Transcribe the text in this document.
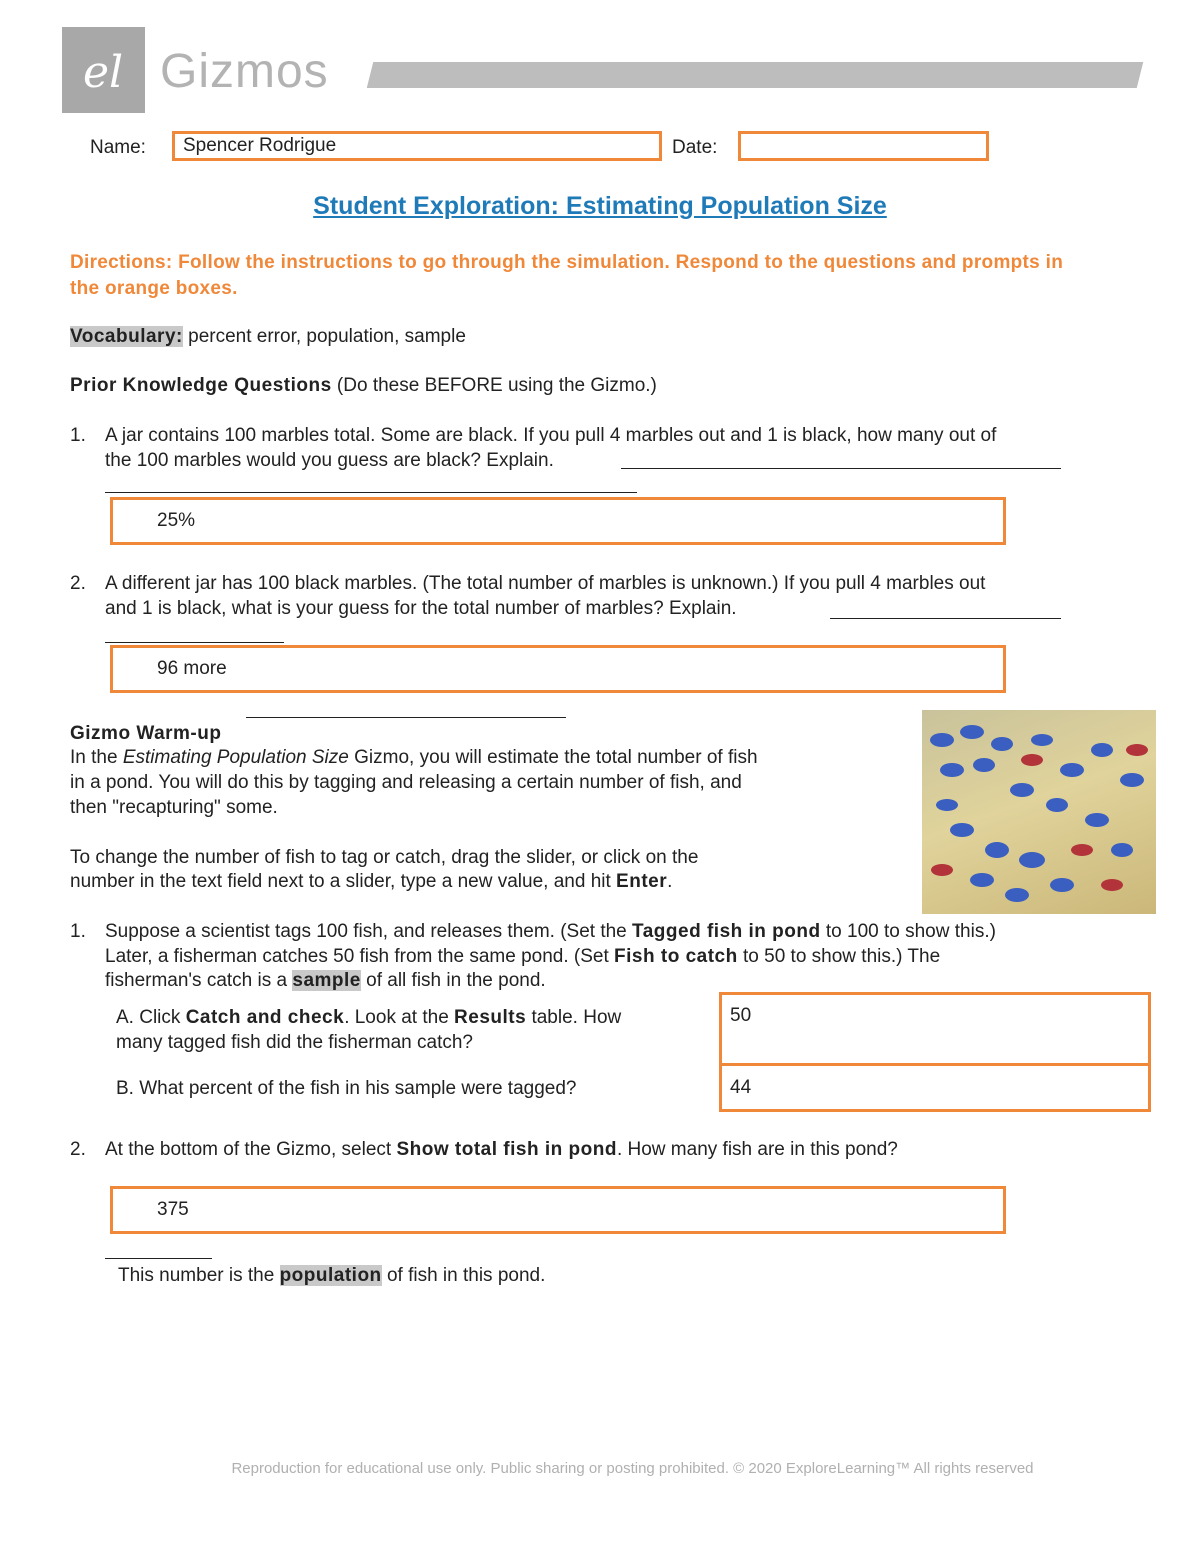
el Gizmos
Name:	Spencer Rodrigue	Date:
Student Exploration: Estimating Population Size
Directions: Follow the instructions to go through the simulation. Respond to the questions and prompts in the orange boxes.
Vocabulary: percent error, population, sample
Prior Knowledge Questions (Do these BEFORE using the Gizmo.)
1. A jar contains 100 marbles total. Some are black. If you pull 4 marbles out and 1 is black, how many out of
the 100 marbles would you guess are black? Explain.
25%
2. A different jar has 100 black marbles. (The total number of marbles is unknown.) If you pull 4 marbles out
and 1 is black, what is your guess for the total number of marbles? Explain.
96 more
Gizmo Warm-up
In the Estimating Population Size Gizmo, you will estimate the total number of fish
in a pond. You will do this by tagging and releasing a certain number of fish, and
then "recapturing" some.
To change the number of fish to tag or catch, drag the slider, or click on the
number in the text field next to a slider, type a new value, and hit Enter.
1. Suppose a scientist tags 100 fish, and releases them. (Set the Tagged fish in pond to 100 to show this.)
Later, a fisherman catches 50 fish from the same pond. (Set Fish to catch to 50 to show this.) The
fisherman's catch is a sample of all fish in the pond.
A. Click Catch and check. Look at the Results table. How
many tagged fish did the fisherman catch?
50
B. What percent of the fish in his sample were tagged?	44
2. At the bottom of the Gizmo, select Show total fish in pond. How many fish are in this pond?
375
This number is the population of fish in this pond.
Reproduction for educational use only. Public sharing or posting prohibited. © 2020 ExploreLearning™ All rights reserved
